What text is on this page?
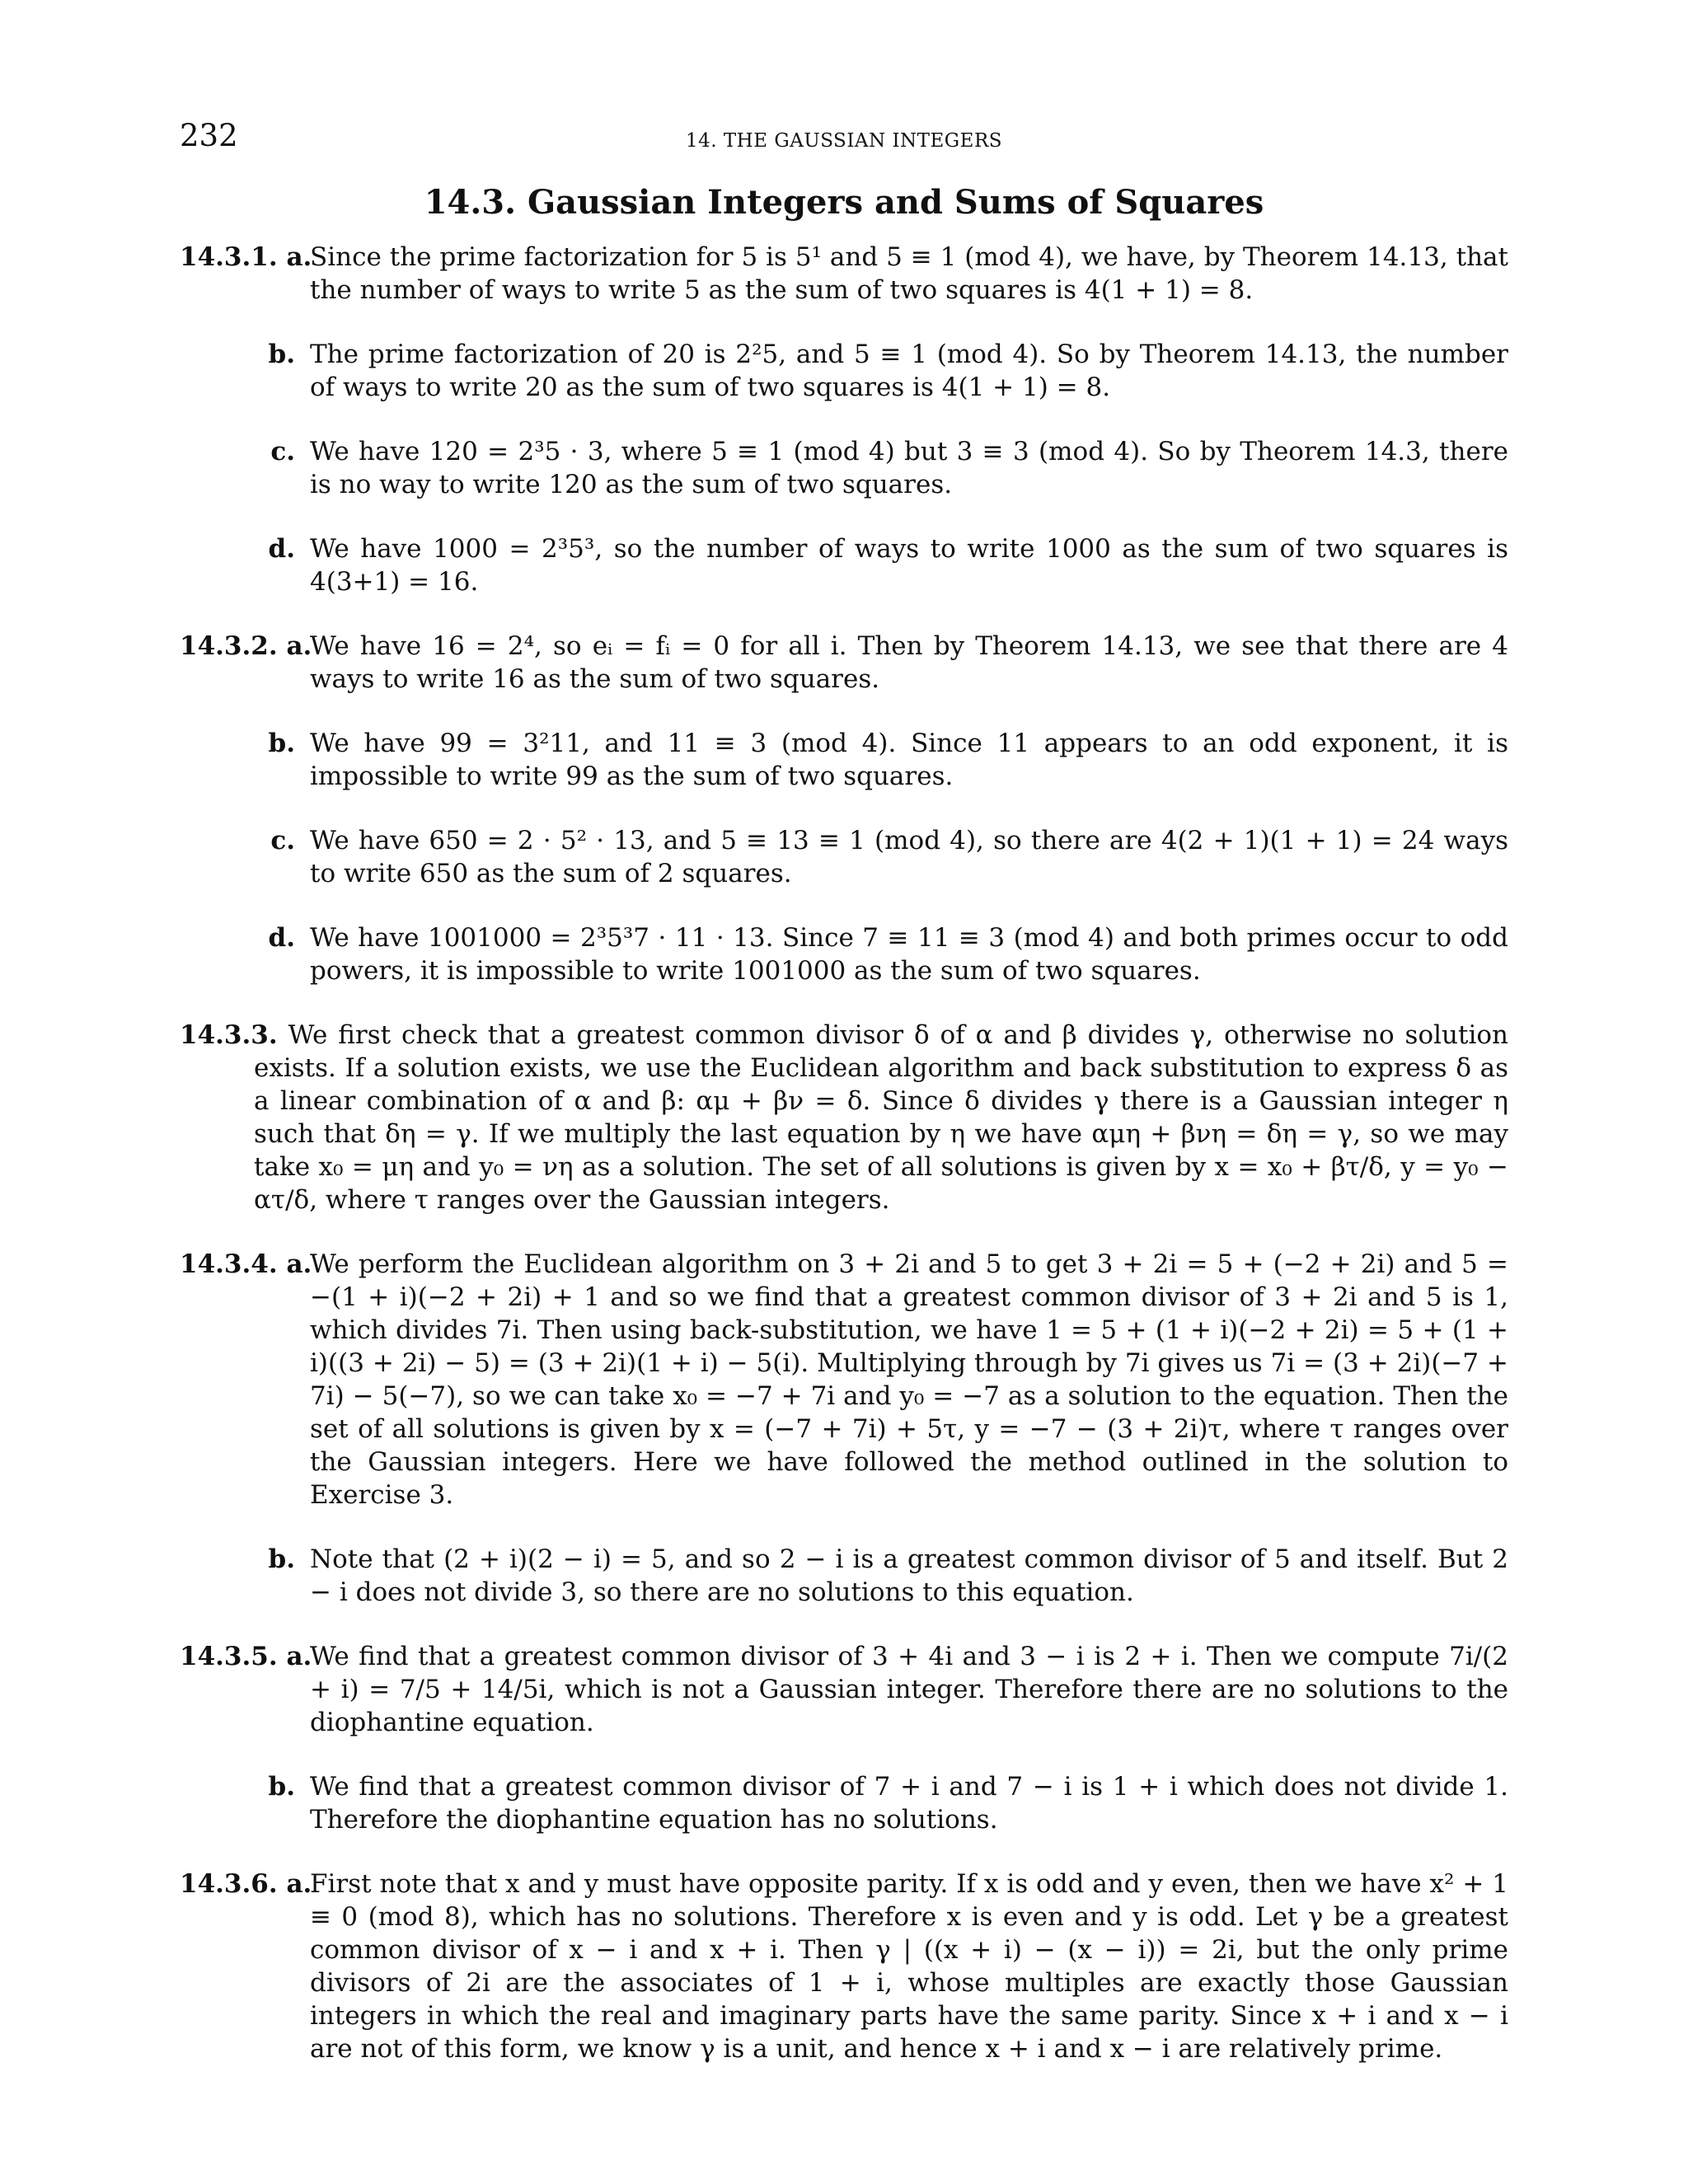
232	14. THE GAUSSIAN INTEGERS
14.3. Gaussian Integers and Sums of Squares
14.3.1. a.
Since the prime factorization for 5 is 5¹ and 5 ≡ 1 (mod 4), we have, by Theorem 14.13, that the number of ways to write 5 as the sum of two squares is 4(1 + 1) = 8.
b. The prime factorization of 20 is 2²5, and 5 ≡ 1 (mod 4). So by Theorem 14.13, the number of ways to write 20 as the sum of two squares is 4(1 + 1) = 8.
c. We have 120 = 2³5 · 3, where 5 ≡ 1 (mod 4) but 3 ≡ 3 (mod 4). So by Theorem 14.3, there is no way to write 120 as the sum of two squares.
d. We have 1000 = 2³5³, so the number of ways to write 1000 as the sum of two squares is 4(3+1) = 16.
14.3.2. a.
We have 16 = 2⁴, so eᵢ = fᵢ = 0 for all i. Then by Theorem 14.13, we see that there are 4 ways to write 16 as the sum of two squares.
b. We have 99 = 3²11, and 11 ≡ 3 (mod 4). Since 11 appears to an odd exponent, it is impossible to write 99 as the sum of two squares.
c. We have 650 = 2 · 5² · 13, and 5 ≡ 13 ≡ 1 (mod 4), so there are 4(2 + 1)(1 + 1) = 24 ways to write 650 as the sum of 2 squares.
d. We have 1001000 = 2³5³7 · 11 · 13. Since 7 ≡ 11 ≡ 3 (mod 4) and both primes occur to odd powers, it is impossible to write 1001000 as the sum of two squares.
14.3.3. We first check that a greatest common divisor δ of α and β divides γ, otherwise no solution exists. If a solution exists, we use the Euclidean algorithm and back substitution to express δ as a linear combination of α and β: αμ + βν = δ. Since δ divides γ there is a Gaussian integer η such that δη = γ. If we multiply the last equation by η we have αμη + βνη = δη = γ, so we may take x₀ = μη and y₀ = νη as a solution. The set of all solutions is given by x = x₀ + βτ/δ, y = y₀ − ατ/δ, where τ ranges over the Gaussian integers.
14.3.4. a.
We perform the Euclidean algorithm on 3 + 2i and 5 to get 3 + 2i = 5 + (−2 + 2i) and 5 = −(1 + i)(−2 + 2i) + 1 and so we find that a greatest common divisor of 3 + 2i and 5 is 1, which divides 7i. Then using back-substitution, we have 1 = 5 + (1 + i)(−2 + 2i) = 5 + (1 + i)((3 + 2i) − 5) = (3 + 2i)(1 + i) − 5(i). Multiplying through by 7i gives us 7i = (3 + 2i)(−7 + 7i) − 5(−7), so we can take x₀ = −7 + 7i and y₀ = −7 as a solution to the equation. Then the set of all solutions is given by x = (−7 + 7i) + 5τ, y = −7 − (3 + 2i)τ, where τ ranges over the Gaussian integers. Here we have followed the method outlined in the solution to Exercise 3.
b. Note that (2 + i)(2 − i) = 5, and so 2 − i is a greatest common divisor of 5 and itself. But 2 − i does not divide 3, so there are no solutions to this equation.
14.3.5. a.
We find that a greatest common divisor of 3 + 4i and 3 − i is 2 + i. Then we compute 7i/(2 + i) = 7/5 + 14/5i, which is not a Gaussian integer. Therefore there are no solutions to the diophantine equation.
b. We find that a greatest common divisor of 7 + i and 7 − i is 1 + i which does not divide 1. Therefore the diophantine equation has no solutions.
14.3.6. a.
First note that x and y must have opposite parity. If x is odd and y even, then we have x² + 1 ≡ 0 (mod 8), which has no solutions. Therefore x is even and y is odd. Let γ be a greatest common divisor of x − i and x + i. Then γ | ((x + i) − (x − i)) = 2i, but the only prime divisors of 2i are the associates of 1 + i, whose multiples are exactly those Gaussian integers in which the real and imaginary parts have the same parity. Since x + i and x − i are not of this form, we know γ is a unit, and hence x + i and x − i are relatively prime.
